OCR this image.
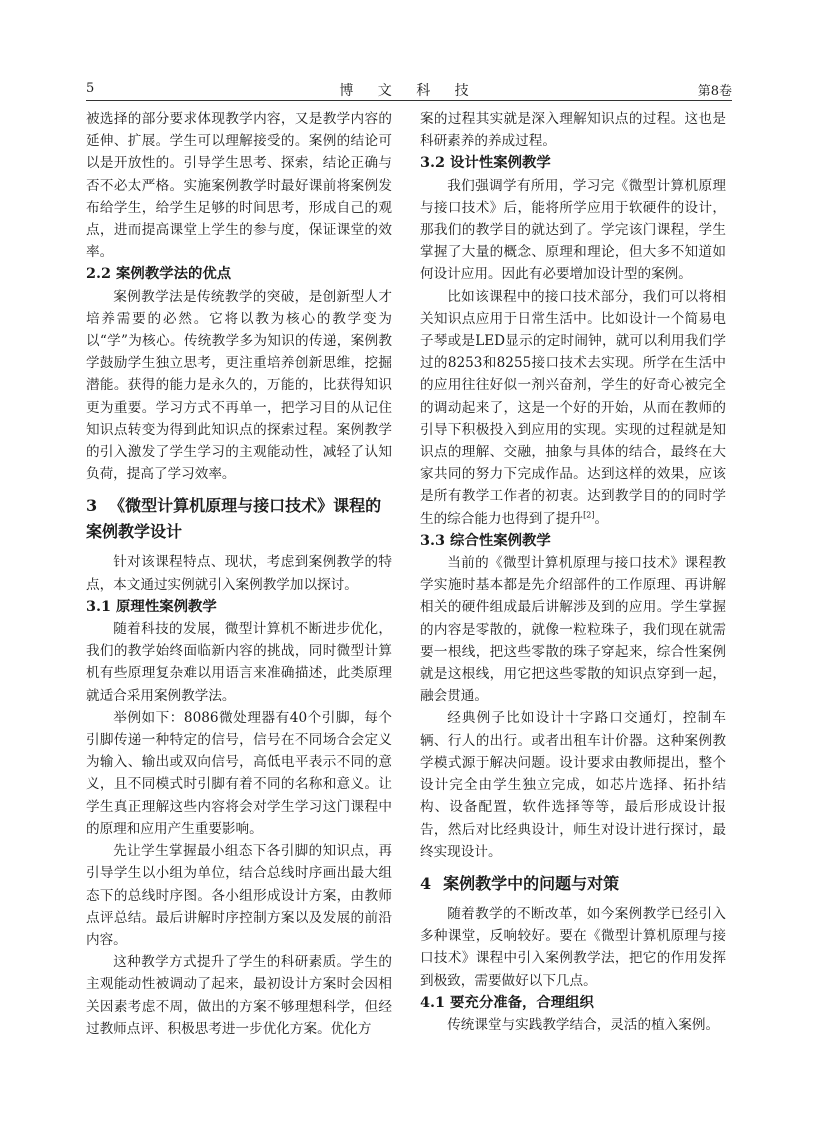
5	博 文 科 技	第8卷

被选择的部分要求体现教学内容，又是教学内容的延伸、扩展。学生可以理解接受的。案例的结论可以是开放性的。引导学生思考、探索，结论正确与否不必太严格。实施案例教学时最好课前将案例发布给学生，给学生足够的时间思考，形成自己的观点，进而提高课堂上学生的参与度，保证课堂的效率。

2.2 案例教学法的优点

案例教学法是传统教学的突破，是创新型人才培养需要的必然。它将以教为核心的教学变为以“学”为核心。传统教学多为知识的传递，案例教学鼓励学生独立思考，更注重培养创新思维，挖掘潜能。获得的能力是永久的，万能的，比获得知识更为重要。学习方式不再单一，把学习目的从记住知识点转变为得到此知识点的探索过程。案例教学的引入激发了学生学习的主观能动性，减轻了认知负荷，提高了学习效率。

3 《微型计算机原理与接口技术》课程的案例教学设计

针对该课程特点、现状，考虑到案例教学的特点，本文通过实例就引入案例教学加以探讨。

3.1 原理性案例教学

随着科技的发展，微型计算机不断进步优化，我们的教学始终面临新内容的挑战，同时微型计算机有些原理复杂难以用语言来准确描述，此类原理就适合采用案例教学法。

举例如下：8086微处理器有40个引脚，每个引脚传递一种特定的信号，信号在不同场合会定义为输入、输出或双向信号，高低电平表示不同的意义，且不同模式时引脚有着不同的名称和意义。让学生真正理解这些内容将会对学生学习这门课程中的原理和应用产生重要影响。

先让学生掌握最小组态下各引脚的知识点，再引导学生以小组为单位，结合总线时序画出最大组态下的总线时序图。各小组形成设计方案，由教师点评总结。最后讲解时序控制方案以及发展的前沿内容。

这种教学方式提升了学生的科研素质。学生的主观能动性被调动了起来，最初设计方案时会因相关因素考虑不周，做出的方案不够理想科学，但经过教师点评、积极思考进一步优化方案。优化方

案的过程其实就是深入理解知识点的过程。这也是科研素养的养成过程。

3.2 设计性案例教学

我们强调学有所用，学习完《微型计算机原理与接口技术》后，能将所学应用于软硬件的设计，那我们的教学目的就达到了。学完该门课程，学生掌握了大量的概念、原理和理论，但大多不知道如何设计应用。因此有必要增加设计型的案例。

比如该课程中的接口技术部分，我们可以将相关知识点应用于日常生活中。比如设计一个简易电子琴或是LED显示的定时闹钟，就可以利用我们学过的8253和8255接口技术去实现。所学在生活中的应用往往好似一剂兴奋剂，学生的好奇心被完全的调动起来了，这是一个好的开始，从而在教师的引导下积极投入到应用的实现。实现的过程就是知识点的理解、交融，抽象与具体的结合，最终在大家共同的努力下完成作品。达到这样的效果，应该是所有教学工作者的初衷。达到教学目的的同时学生的综合能力也得到了提升[2]。

3.3 综合性案例教学

当前的《微型计算机原理与接口技术》课程教学实施时基本都是先介绍部件的工作原理、再讲解相关的硬件组成最后讲解涉及到的应用。学生掌握的内容是零散的，就像一粒粒珠子，我们现在就需要一根线，把这些零散的珠子穿起来，综合性案例就是这根线，用它把这些零散的知识点穿到一起，融会贯通。

经典例子比如设计十字路口交通灯，控制车辆、行人的出行。或者出租车计价器。这种案例教学模式源于解决问题。设计要求由教师提出，整个设计完全由学生独立完成，如芯片选择、拓扑结构、设备配置，软件选择等等，最后形成设计报告，然后对比经典设计，师生对设计进行探讨，最终实现设计。

4 案例教学中的问题与对策

随着教学的不断改革，如今案例教学已经引入多种课堂，反响较好。要在《微型计算机原理与接口技术》课程中引入案例教学法，把它的作用发挥到极致，需要做好以下几点。

4.1 要充分准备，合理组织

传统课堂与实践教学结合，灵活的植入案例。
